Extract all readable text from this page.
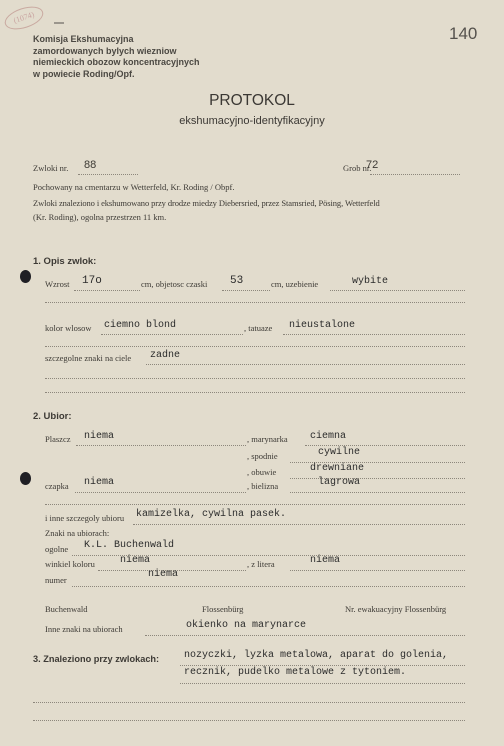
(1074)
140
Komisja Ekshumacyjna
zamordowanych bylych wiezniow
niemieckich obozow koncentracyjnych
w powiecie Roding/Opf.
PROTOKOL
ekshumacyjno-identyfikacyjny
Zwloki nr. 88	Grob nr.
72
Pochowany na cmentarzu w Wetterfeld, Kr. Roding / Obpf.
Zwloki znaleziono i ekshumowano przy drodze miedzy Diebersried, przez Stamsried, Pösing, Wetterfeld
(Kr. Roding), ogolna przestrzen 11 km.
1. Opis zwlok:
Wzrost 17o	cm, objetosc czaski 53	cm, uzebienie	wybite
kolor wlosow ciemno blond	, tatuaze nieustalone
szczegolne znaki na ciele zadne
2. Ubior:
Plaszcz niema	, marynarka ciemna
, spodnie	cywilne
, obuwie	drewniane
czapka niema	, bielizna	lagrowa
i inne szczegoly ubioru kamizelka, cywilna pasek.
Znaki na ubiorach:
ogolne K.L. Buchenwald
winkiel koloru	niema	, z litera	niema
numer	niema
Buchenwald	Flossenbürg	Nr. ewakuacyjny Flossenbürg
Inne znaki na ubiorach	okienko na marynarce
3. Znaleziono przy zwlokach: nozyczki, lyzka metalowa, aparat do golenia,
recznik, pudelko metalowe z tytoniem.
